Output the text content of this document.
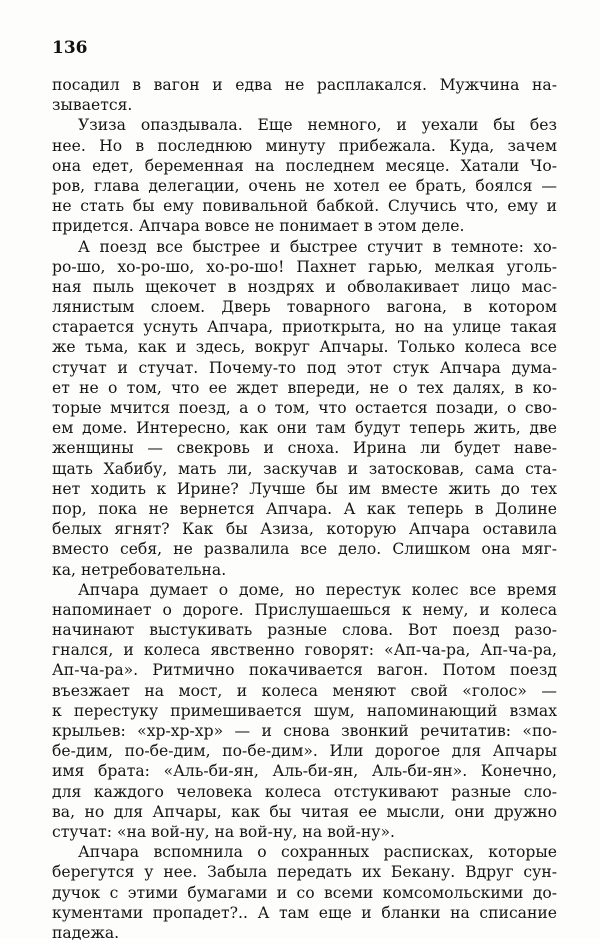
136
посадил в вагон и едва не расплакался. Мужчина на-
зывается.
Узиза опаздывала. Еще немного, и уехали бы без
нее. Но в последнюю минуту прибежала. Куда, зачем
она едет, беременная на последнем месяце. Хатали Чо-
ров, глава делегации, очень не хотел ее брать, боялся —
не стать бы ему повивальной бабкой. Случись что, ему и
придется. Апчара вовсе не понимает в этом деле.
А поезд все быстрее и быстрее стучит в темноте: хо-
ро-шо, хо-ро-шо, хо-ро-шо! Пахнет гарью, мелкая уголь-
ная пыль щекочет в ноздрях и обволакивает лицо мас-
лянистым слоем. Дверь товарного вагона, в котором
старается уснуть Апчара, приоткрыта, но на улице такая
же тьма, как и здесь, вокруг Апчары. Только колеса все
стучат и стучат. Почему-то под этот стук Апчара дума-
ет не о том, что ее ждет впереди, не о тех далях, в ко-
торые мчится поезд, а о том, что остается позади, о сво-
ем доме. Интересно, как они там будут теперь жить, две
женщины — свекровь и сноха. Ирина ли будет наве-
щать Хабибу, мать ли, заскучав и затосковав, сама ста-
нет ходить к Ирине? Лучше бы им вместе жить до тех
пор, пока не вернется Апчара. А как теперь в Долине
белых ягнят? Как бы Азиза, которую Апчара оставила
вместо себя, не развалила все дело. Слишком она мяг-
ка, нетребовательна.
Апчара думает о доме, но перестук колес все время
напоминает о дороге. Прислушаешься к нему, и колеса
начинают выстукивать разные слова. Вот поезд разо-
гнался, и колеса явственно говорят: «Ап-ча-ра, Ап-ча-ра,
Ап-ча-ра». Ритмично покачивается вагон. Потом поезд
въезжает на мост, и колеса меняют свой «голос» —
к перестуку примешивается шум, напоминающий взмах
крыльев: «хр-хр-хр» — и снова звонкий речитатив: «по-
бе-дим, по-бе-дим, по-бе-дим». Или дорогое для Апчары
имя брата: «Аль-би-ян, Аль-би-ян, Аль-би-ян». Конечно,
для каждого человека колеса отстукивают разные сло-
ва, но для Апчары, как бы читая ее мысли, они дружно
стучат: «на вой-ну, на вой-ну, на вой-ну».
Апчара вспомнила о сохранных расписках, которые
берегутся у нее. Забыла передать их Бекану. Вдруг сун-
дучок с этими бумагами и со всеми комсомольскими до-
кументами пропадет?.. А там еще и бланки на списание
падежа.
